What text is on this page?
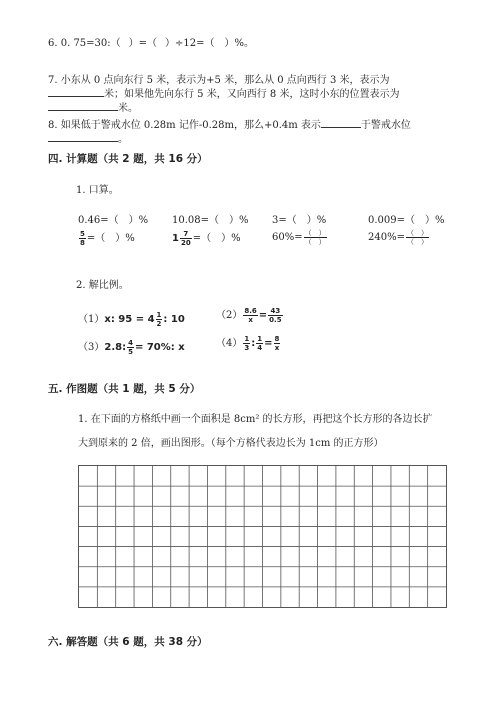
6. 0. 75=30:（ ）=（ ）÷12=（ ）%。
7. 小东从 0 点向东行 5 米，表示为+5 米，那么从 0 点向西行 3 米，表示为
米；如果他先向东行 5 米，又向西行 8 米，这时小东的位置表示为
米。
8. 如果低于警戒水位 0.28m 记作-0.28m，那么+0.4m 表示	于警戒水位
。
四. 计算题（共 2 题，共 16 分）
1. 口算。
0.46=（ ）% 10.08=（ ）% 3=（ ）%	0.009=（ ）%
$\frac{5}{8}$ =（　）%	$1 \frac{7}{20}$ =（　）%	$60\%= \frac{( )}{( )}$	$240\%= \frac{( )}{( )}$
2. 解比例。
（1）x: $95 = 4 \frac{1}{2}$ : 10	$(2) \frac{8.6}{x} = \frac{43}{0.5}$
（3）2.8: $\frac{4}{5} = 70\%$: x	$(4) \frac{1}{3}$ : $\frac{1}{4} = \frac{8}{x}$
五. 作图题（共 1 题，共 5 分）
1. 在下面的方格纸中画一个面积是 8cm² 的长方形，再把这个长方形的各边长扩
大到原来的 2 倍，画出图形。（每个方格代表边长为 1cm 的正方形）
六. 解答题（共 6 题，共 38 分）
